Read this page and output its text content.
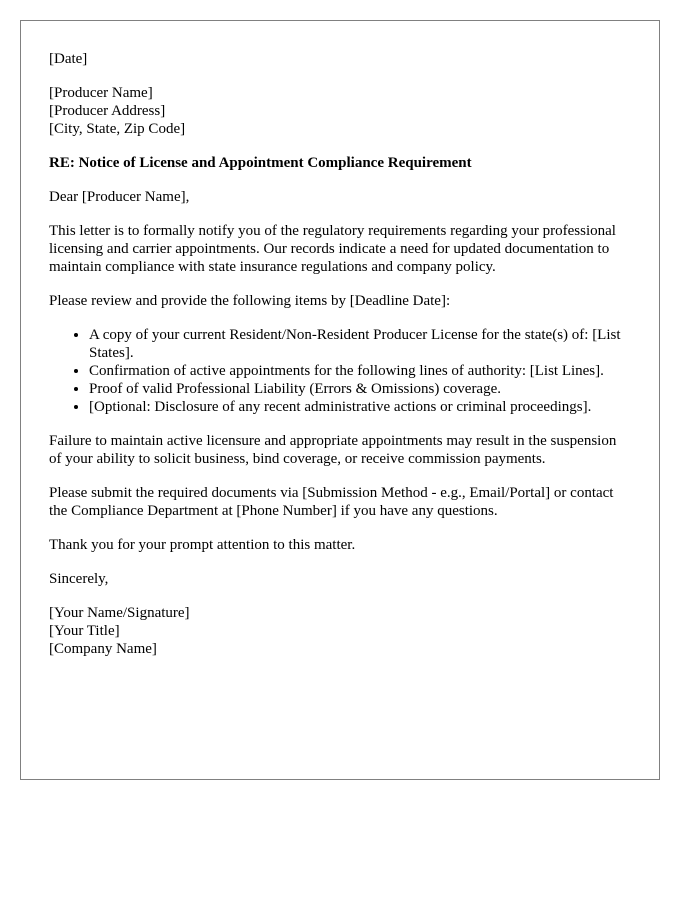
[Date]
[Producer Name]
[Producer Address]
[City, State, Zip Code]
RE: Notice of License and Appointment Compliance Requirement
Dear [Producer Name],
This letter is to formally notify you of the regulatory requirements regarding your professional licensing and carrier appointments. Our records indicate a need for updated documentation to maintain compliance with state insurance regulations and company policy.
Please review and provide the following items by [Deadline Date]:
• A copy of your current Resident/Non-Resident Producer License for the state(s) of: [List States].
• Confirmation of active appointments for the following lines of authority: [List Lines].
• Proof of valid Professional Liability (Errors & Omissions) coverage.
• [Optional: Disclosure of any recent administrative actions or criminal proceedings].
Failure to maintain active licensure and appropriate appointments may result in the suspension of your ability to solicit business, bind coverage, or receive commission payments.
Please submit the required documents via [Submission Method - e.g., Email/Portal] or contact the Compliance Department at [Phone Number] if you have any questions.
Thank you for your prompt attention to this matter.
Sincerely,
[Your Name/Signature]
[Your Title]
[Company Name]
